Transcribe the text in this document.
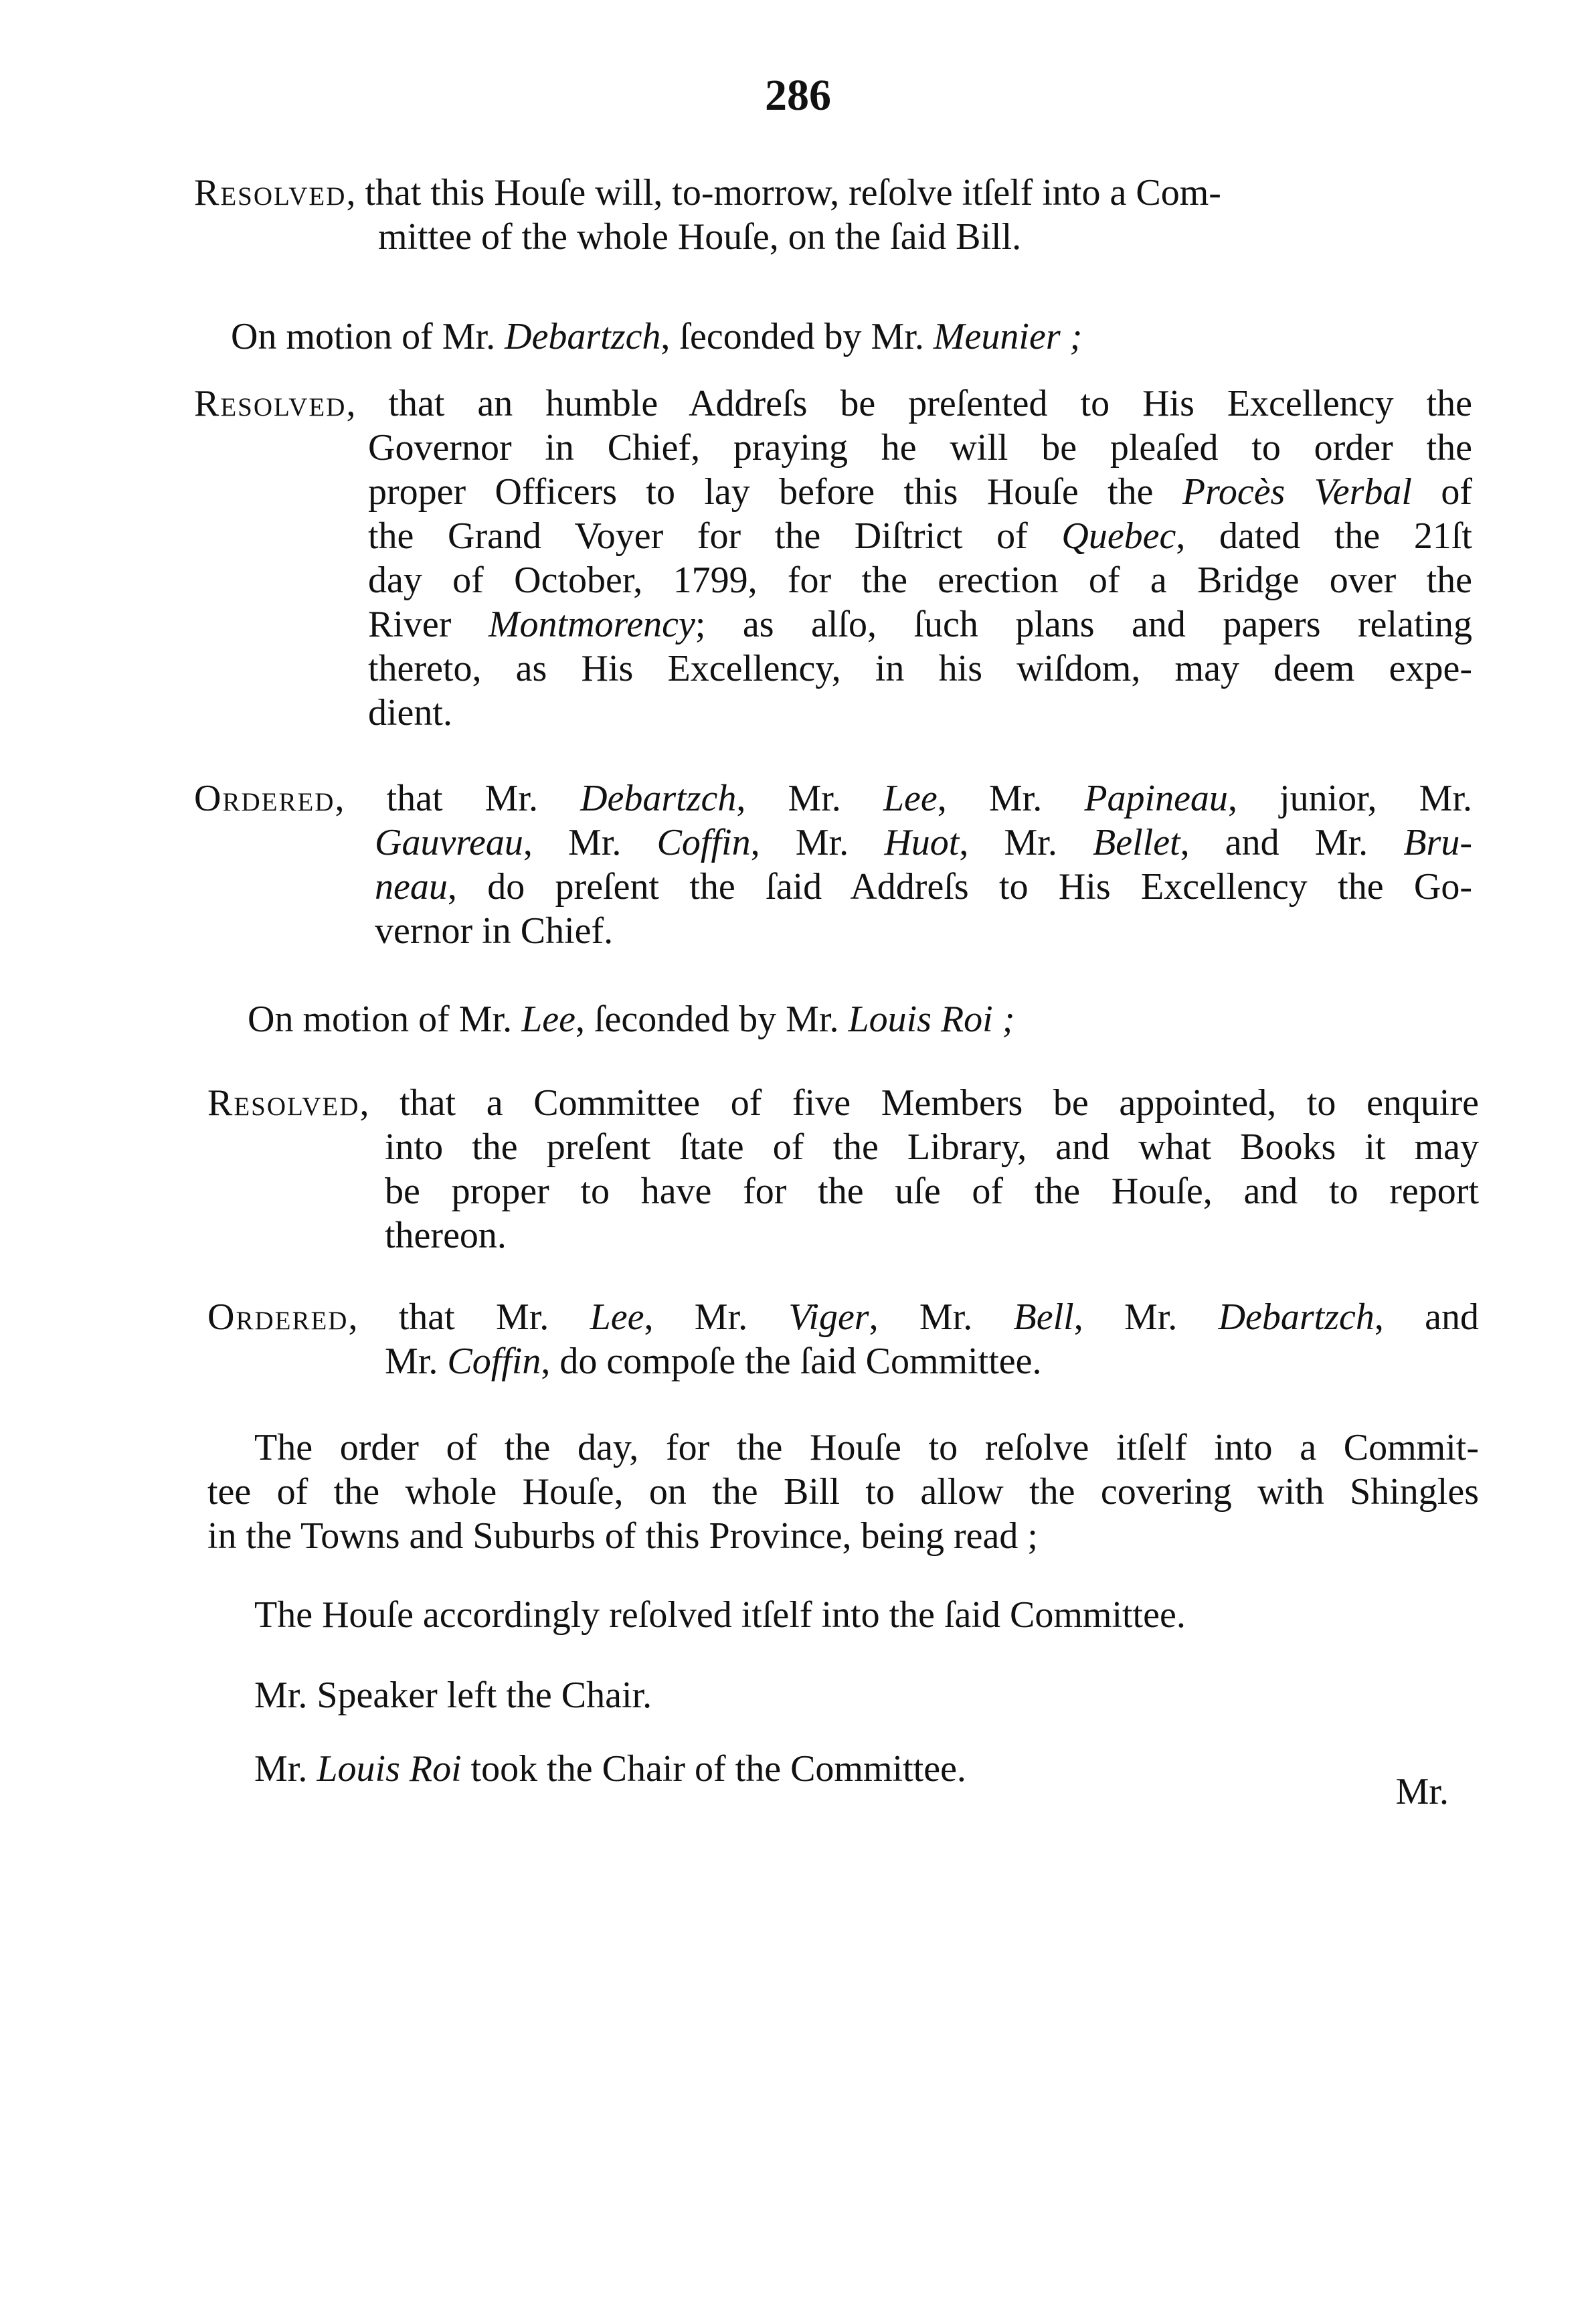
286
Resolved, that this Houſe will, to-morrow, reſolve itſelf into a Com-
mittee of the whole Houſe, on the ſaid Bill.
On motion of Mr. Debartzch, ſeconded by Mr. Meunier ;
Resolved, that an humble Addreſs be preſented to His Excellency the
Governor in Chief, praying he will be pleaſed to order the
proper Officers to lay before this Houſe the Procès Verbal of
the Grand Voyer for the Diſtrict of Quebec, dated the 21ſt
day of October, 1799, for the erection of a Bridge over the
River Montmorency; as alſo, ſuch plans and papers relating
thereto, as His Excellency, in his wiſdom, may deem expe-
dient.
Ordered, that Mr. Debartzch, Mr. Lee, Mr. Papineau, junior, Mr.
Gauvreau, Mr. Coffin, Mr. Huot, Mr. Bellet, and Mr. Bru-
neau, do preſent the ſaid Addreſs to His Excellency the Go-
vernor in Chief.
On motion of Mr. Lee, ſeconded by Mr. Louis Roi ;
Resolved, that a Committee of five Members be appointed, to enquire
into the preſent ſtate of the Library, and what Books it may
be proper to have for the uſe of the Houſe, and to report
thereon.
Ordered, that Mr. Lee, Mr. Viger, Mr. Bell, Mr. Debartzch, and
Mr. Coffin, do compoſe the ſaid Committee.
The order of the day, for the Houſe to reſolve itſelf into a Commit-
tee of the whole Houſe, on the Bill to allow the covering with Shingles
in the Towns and Suburbs of this Province, being read ;
The Houſe accordingly reſolved itſelf into the ſaid Committee.
Mr. Speaker left the Chair.
Mr. Louis Roi took the Chair of the Committee.
Mr.
